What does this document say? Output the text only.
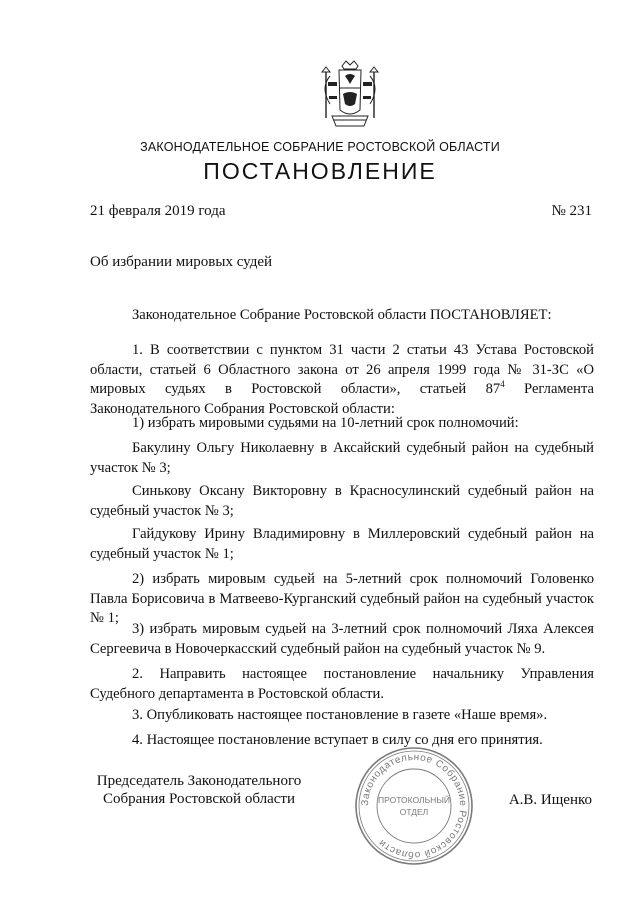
ЗАКОНОДАТЕЛЬНОЕ СОБРАНИЕ РОСТОВСКОЙ ОБЛАСТИ
ПОСТАНОВЛЕНИЕ
21 февраля 2019 года	№ 231
Об избрании мировых судей
Законодательное Собрание Ростовской области ПОСТАНОВЛЯЕТ:
1. В соответствии с пунктом 31 части 2 статьи 43 Устава Ростовской области, статьей 6 Областного закона от 26 апреля 1999 года № 31-ЗС «О мировых судьях в Ростовской области», статьей $87^4$ Регламента Законодательного Собрания Ростовской области:
1) избрать мировыми судьями на 10-летний срок полномочий:
Бакулину Ольгу Николаевну в Аксайский судебный район на судебный участок № 3;
Синькову Оксану Викторовну в Красносулинский судебный район на судебный участок № 3;
Гайдукову Ирину Владимировну в Миллеровский судебный район на судебный участок № 1;
2) избрать мировым судьей на 5-летний срок полномочий Головенко Павла Борисовича в Матвеево-Курганский судебный район на судебный участок № 1;
3) избрать мировым судьей на 3-летний срок полномочий Ляха Алексея Сергеевича в Новочеркасский судебный район на судебный участок № 9.
2. Направить настоящее постановление начальнику Управления Судебного департамента в Ростовской области.
3. Опубликовать настоящее постановление в газете «Наше время».
4. Настоящее постановление вступает в силу со дня его принятия.
Председатель Законодательного
Собрания Ростовской области	А.В. Ищенко
Законодательное Собрание Ростовской области
ПРОТОКОЛЬНЫЙ
ОТДЕЛ
